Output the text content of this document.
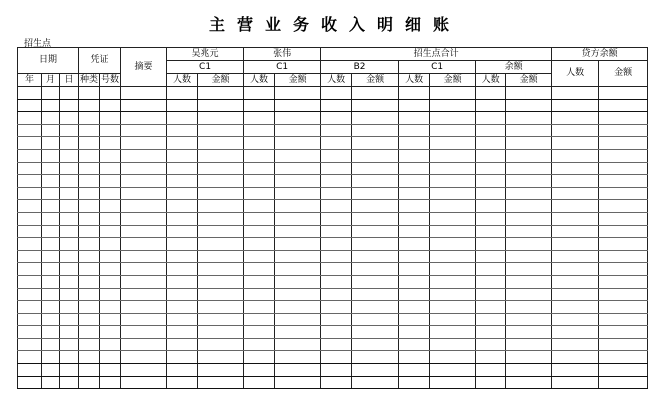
主营业务收入明细账
招生点
日期			凭证		摘要	吴兆元		张伟		招生点合计						贷方余额	
						C1		C1		B2		C1		余额		人数	金额
年	月	日	种类	号数		人数	金额	人数	金额	人数	金额	人数	金额	人数	金额		
